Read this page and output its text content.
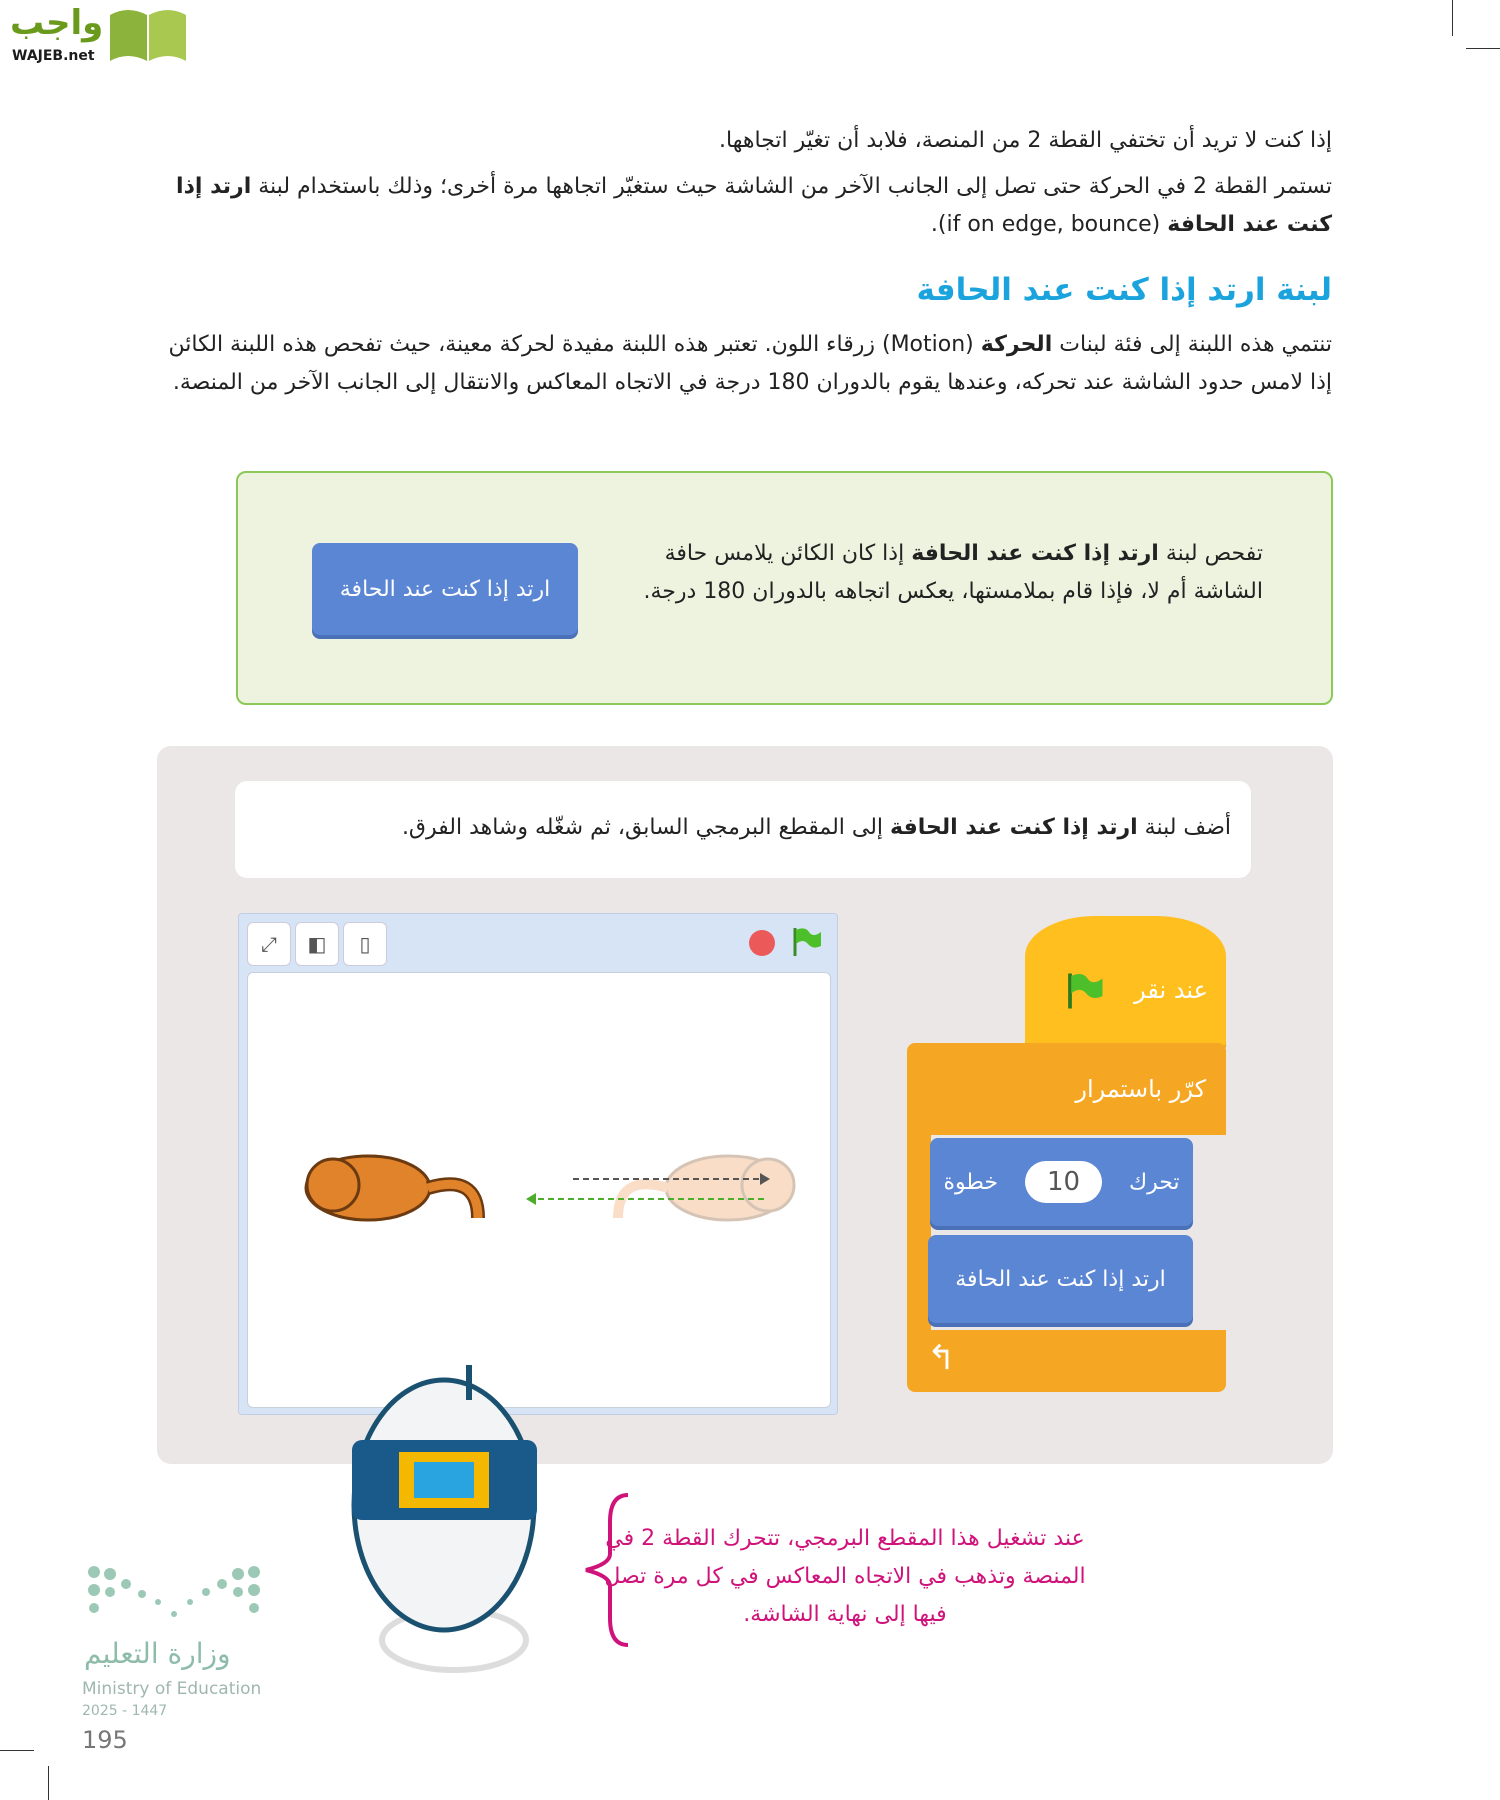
واجب
WAJEB.net
إذا كنت لا تريد أن تختفي القطة 2 من المنصة، فلابد أن تغيّر اتجاهها.
تستمر القطة 2 في الحركة حتى تصل إلى الجانب الآخر من الشاشة حيث ستغيّر اتجاهها مرة أخرى؛ وذلك باستخدام لبنة ارتد إذا كنت عند الحافة (if on edge, bounce).
لبنة ارتد إذا كنت عند الحافة
تنتمي هذه اللبنة إلى فئة لبنات الحركة (Motion) زرقاء اللون. تعتبر هذه اللبنة مفيدة لحركة معينة، حيث تفحص هذه اللبنة الكائن إذا لامس حدود الشاشة عند تحركه، وعندها يقوم بالدوران 180 درجة في الاتجاه المعاكس والانتقال إلى الجانب الآخر من المنصة.
تفحص لبنة ارتد إذا كنت عند الحافة إذا كان الكائن يلامس حافة الشاشة أم لا، فإذا قام بملامستها، يعكس اتجاهه بالدوران 180 درجة.
ارتد إذا كنت عند الحافة
أضف لبنة ارتد إذا كنت عند الحافة إلى المقطع البرمجي السابق، ثم شغّله وشاهد الفرق.
⤢	◧	▯
عند نقر
كرّر باستمرار
تحرك
10
خطوة
ارتد إذا كنت عند الحافة
↰
عند تشغيل هذا المقطع البرمجي، تتحرك القطة 2 في المنصة وتذهب في الاتجاه المعاكس في كل مرة تصل فيها إلى نهاية الشاشة.
وزارة التعليم
Ministry of Education
2025 - 1447
195
